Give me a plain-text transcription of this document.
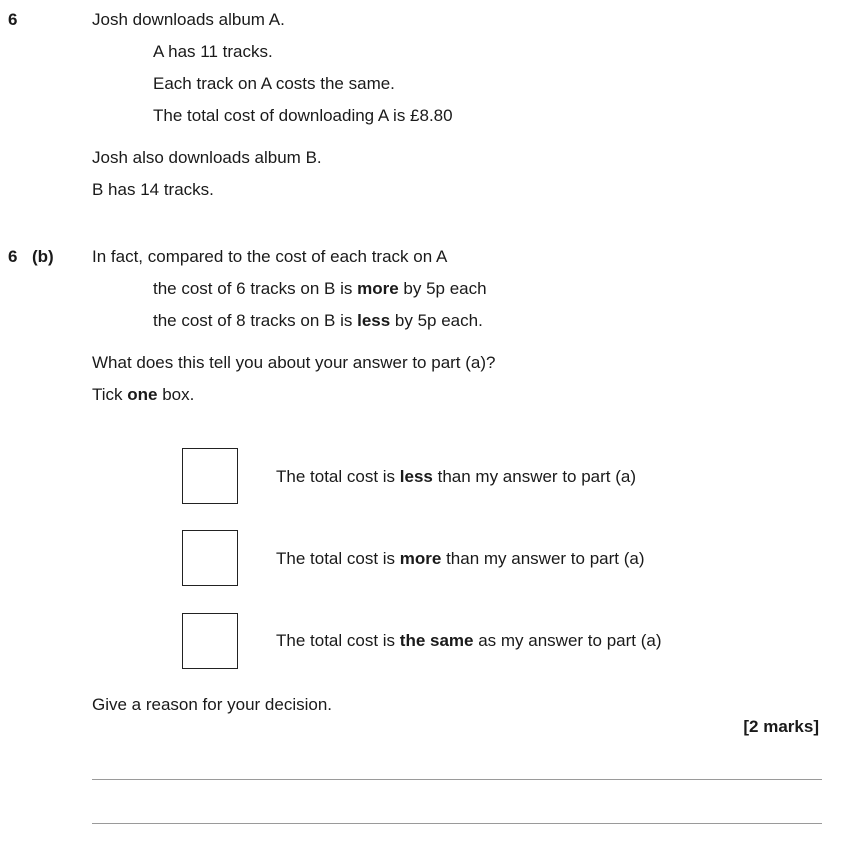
6	Josh downloads album A.
A has 11 tracks.
Each track on A costs the same.
The total cost of downloading A is £8.80
Josh also downloads album B.
B has 14 tracks.
6 (b) In fact, compared to the cost of each track on A
the cost of 6 tracks on B is more by 5p each
the cost of 8 tracks on B is less by 5p each.
What does this tell you about your answer to part (a)?
Tick one box.
The total cost is less than my answer to part (a)
The total cost is more than my answer to part (a)
The total cost is the same as my answer to part (a)
Give a reason for your decision.
[2 marks]
